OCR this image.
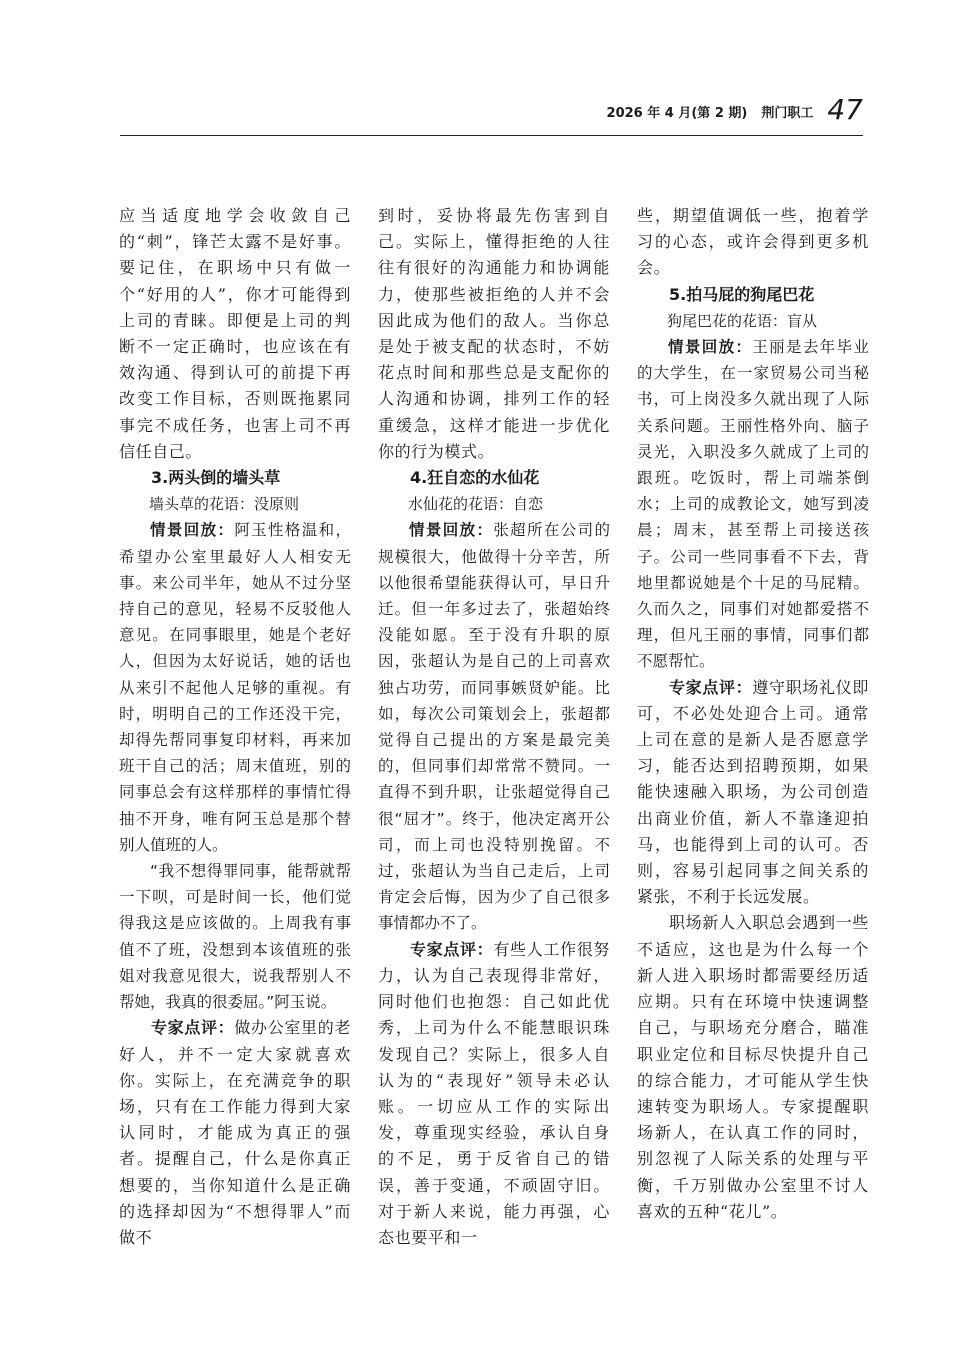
2026 年 4 月(第 2 期) 荆门职工 47

应当适度地学会收敛自己的“刺”，锋芒太露不是好事。要记住，在职场中只有做一个“好用的人”，你才可能得到上司的青睐。即便是上司的判断不一定正确时，也应该在有效沟通、得到认可的前提下再改变工作目标，否则既拖累同事完不成任务，也害上司不再信任自己。

3.两头倒的墙头草

墙头草的花语：没原则

情景回放：阿玉性格温和，希望办公室里最好人人相安无事。来公司半年，她从不过分坚持自己的意见，轻易不反驳他人意见。在同事眼里，她是个老好人，但因为太好说话，她的话也从来引不起他人足够的重视。有时，明明自己的工作还没干完，却得先帮同事复印材料，再来加班干自己的活；周末值班，别的同事总会有这样那样的事情忙得抽不开身，唯有阿玉总是那个替别人值班的人。

“我不想得罪同事，能帮就帮一下呗，可是时间一长，他们觉得我这是应该做的。上周我有事值不了班，没想到本该值班的张姐对我意见很大，说我帮别人不帮她，我真的很委屈。”阿玉说。

专家点评：做办公室里的老好人，并不一定大家就喜欢你。实际上，在充满竞争的职场，只有在工作能力得到大家认同时，才能成为真正的强者。提醒自己，什么是你真正想要的，当你知道什么是正确的选择却因为“不想得罪人”而做不

到时，妥协将最先伤害到自己。实际上，懂得拒绝的人往往有很好的沟通能力和协调能力，使那些被拒绝的人并不会因此成为他们的敌人。当你总是处于被支配的状态时，不妨花点时间和那些总是支配你的人沟通和协调，排列工作的轻重缓急，这样才能进一步优化你的行为模式。

4.狂自恋的水仙花

水仙花的花语：自恋

情景回放：张超所在公司的规模很大，他做得十分辛苦，所以他很希望能获得认可，早日升迁。但一年多过去了，张超始终没能如愿。至于没有升职的原因，张超认为是自己的上司喜欢独占功劳，而同事嫉贤妒能。比如，每次公司策划会上，张超都觉得自己提出的方案是最完美的，但同事们却常常不赞同。一直得不到升职，让张超觉得自己很“屈才”。终于，他决定离开公司，而上司也没特别挽留。不过，张超认为当自己走后，上司肯定会后悔，因为少了自己很多事情都办不了。

专家点评：有些人工作很努力，认为自己表现得非常好，同时他们也抱怨：自己如此优秀，上司为什么不能慧眼识珠发现自己？实际上，很多人自认为的“表现好”领导未必认账。一切应从工作的实际出发，尊重现实经验，承认自身的不足，勇于反省自己的错误，善于变通，不顽固守旧。对于新人来说，能力再强，心态也要平和一

些，期望值调低一些，抱着学习的心态，或许会得到更多机会。

5.拍马屁的狗尾巴花

狗尾巴花的花语：盲从

情景回放：王丽是去年毕业的大学生，在一家贸易公司当秘书，可上岗没多久就出现了人际关系问题。王丽性格外向、脑子灵光，入职没多久就成了上司的跟班。吃饭时，帮上司端茶倒水；上司的成教论文，她写到凌晨；周末，甚至帮上司接送孩子。公司一些同事看不下去，背地里都说她是个十足的马屁精。久而久之，同事们对她都爱搭不理，但凡王丽的事情，同事们都不愿帮忙。

专家点评：遵守职场礼仪即可，不必处处迎合上司。通常上司在意的是新人是否愿意学习，能否达到招聘预期，如果能快速融入职场，为公司创造出商业价值，新人不靠逢迎拍马，也能得到上司的认可。否则，容易引起同事之间关系的紧张，不利于长远发展。

职场新人入职总会遇到一些不适应，这也是为什么每一个新人进入职场时都需要经历适应期。只有在环境中快速调整自己，与职场充分磨合，瞄准职业定位和目标尽快提升自己的综合能力，才可能从学生快速转变为职场人。专家提醒职场新人，在认真工作的同时，别忽视了人际关系的处理与平衡，千万别做办公室里不讨人喜欢的五种“花儿”。
